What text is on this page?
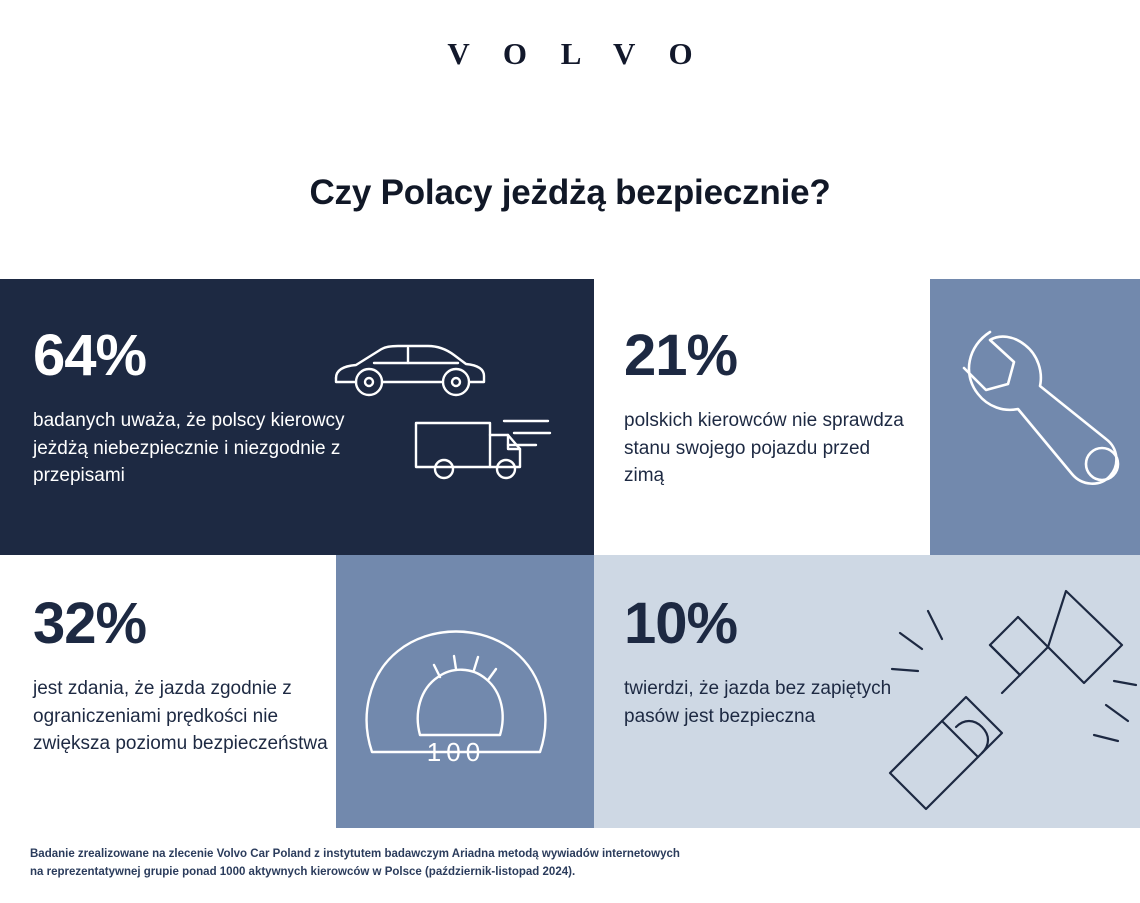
V O L V O
Czy Polacy jeżdżą bezpiecznie?
64%

badanych uważa, że polscy kierowcy jeżdżą niebezpiecznie i niezgodnie z przepisami

21%

polskich kierowców nie sprawdza stanu swojego pojazdu przed zimą

32%

jest zdania, że jazda zgodnie z ograniczeniami prędkości nie zwiększa poziomu bezpieczeństwa	100
10%

twierdzi, że jazda bez zapiętych pasów jest bezpieczna

Badanie zrealizowane na zlecenie Volvo Car Poland z instytutem badawczym Ariadna metodą wywiadów internetowych
na reprezentatywnej grupie ponad 1000 aktywnych kierowców w Polsce (październik-listopad 2024).
